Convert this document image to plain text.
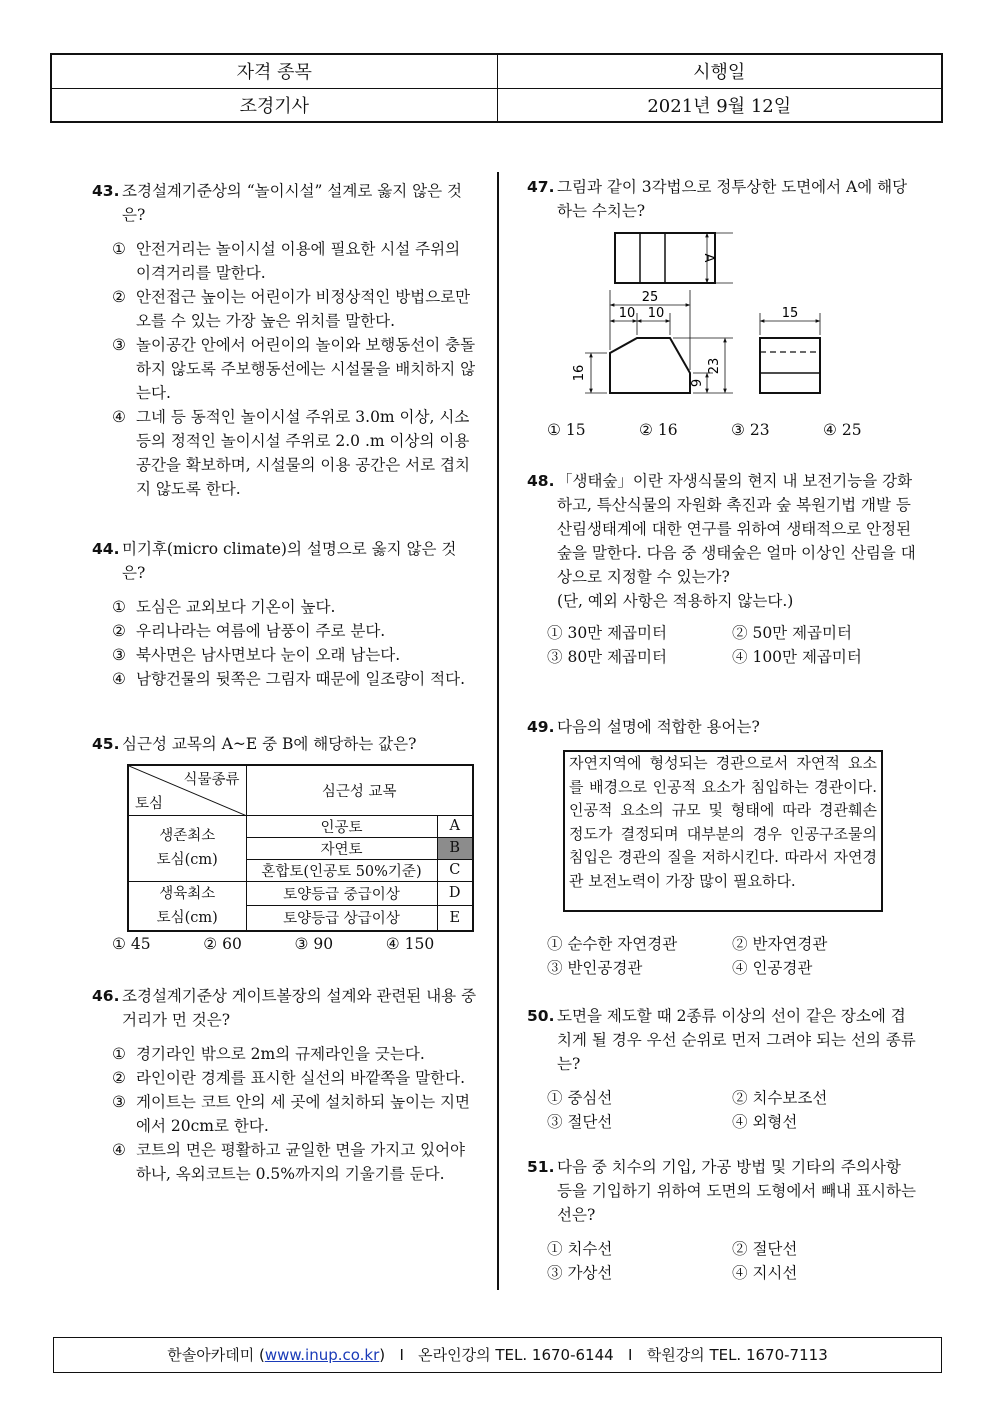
자격 종목	시행일
조경기사	2021년 9월 12일
43. 조경설계기준상의 “놀이시설” 설계로 옳지 않은 것은?
① 안전거리는 놀이시설 이용에 필요한 시설 주위의 이격거리를 말한다.
② 안전접근 높이는 어린이가 비정상적인 방법으로만 오를 수 있는 가장 높은 위치를 말한다.
③ 놀이공간 안에서 어린이의 놀이와 보행동선이 충돌하지 않도록 주보행동선에는 시설물을 배치하지 않는다.
④ 그네 등 동적인 놀이시설 주위로 3.0m 이상, 시소 등의 정적인 놀이시설 주위로 2.0 .m 이상의 이용공간을 확보하며, 시설물의 이용 공간은 서로 겹치지 않도록 한다.
44. 미기후(micro climate)의 설명으로 옳지 않은 것은?
① 도심은 교외보다 기온이 높다.
② 우리나라는 여름에 남풍이 주로 분다.
③ 북사면은 남사면보다 눈이 오래 남는다.
④ 남향건물의 뒷쪽은 그림자 때문에 일조량이 적다.
45. 심근성 교목의 A~E 중 B에 해당하는 값은?
식물종류
토심	심근성 교목	
생존최소
토심(cm)	인공토	A
	자연토	B
	혼합토(인공토 50%기준)	C
생육최소
토심(cm)	토양등급 중급이상	D
	토양등급 상급이상	E
① 45	② 60	③ 90	④ 150
46. 조경설계기준상 게이트볼장의 설계와 관련된 내용 중 거리가 먼 것은?
① 경기라인 밖으로 2m의 규제라인을 긋는다.
② 라인이란 경계를 표시한 실선의 바깥쪽을 말한다.
③ 게이트는 코트 안의 세 곳에 설치하되 높이는 지면에서 20cm로 한다.
④ 코트의 면은 평활하고 균일한 면을 가지고 있어야 하나, 옥외코트는 0.5%까지의 기울기를 둔다.
47. 그림과 같이 3각법으로 정투상한 도면에서 A에 해당하는 수치는?
A
25
10 10
16	23
9
15
① 15	② 16	③ 23	④ 25
48. 「생태숲」이란 자생식물의 현지 내 보전기능을 강화하고, 특산식물의 자원화 촉진과 숲 복원기법 개발 등 산림생태계에 대한 연구를 위하여 생태적으로 안정된 숲을 말한다. 다음 중 생태숲은 얼마 이상인 산림을 대상으로 지정할 수 있는가?
(단, 예외 사항은 적용하지 않는다.)
① 30만 제곱미터	② 50만 제곱미터
③ 80만 제곱미터	④ 100만 제곱미터
49. 다음의 설명에 적합한 용어는?
자연지역에 형성되는 경관으로서 자연적 요소를 배경으로 인공적 요소가 침입하는 경관이다. 인공적 요소의 규모 및 형태에 따라 경관훼손 정도가 결정되며 대부분의 경우 인공구조물의 침입은 경관의 질을 저하시킨다. 따라서 자연경관 보전노력이 가장 많이 필요하다.
① 순수한 자연경관	② 반자연경관
③ 반인공경관	④ 인공경관
50. 도면을 제도할 때 2종류 이상의 선이 같은 장소에 겹치게 될 경우 우선 순위로 먼저 그려야 되는 선의 종류는?
① 중심선	② 치수보조선
③ 절단선	④ 외형선
51. 다음 중 치수의 기입, 가공 방법 및 기타의 주의사항 등을 기입하기 위하여 도면의 도형에서 빼내 표시하는 선은?
① 치수선	② 절단선
③ 가상선	④ 지시선
한솔아카데미 (www.inup.co.kr)   I   온라인강의 TEL. 1670-6144   I   학원강의 TEL. 1670-7113
